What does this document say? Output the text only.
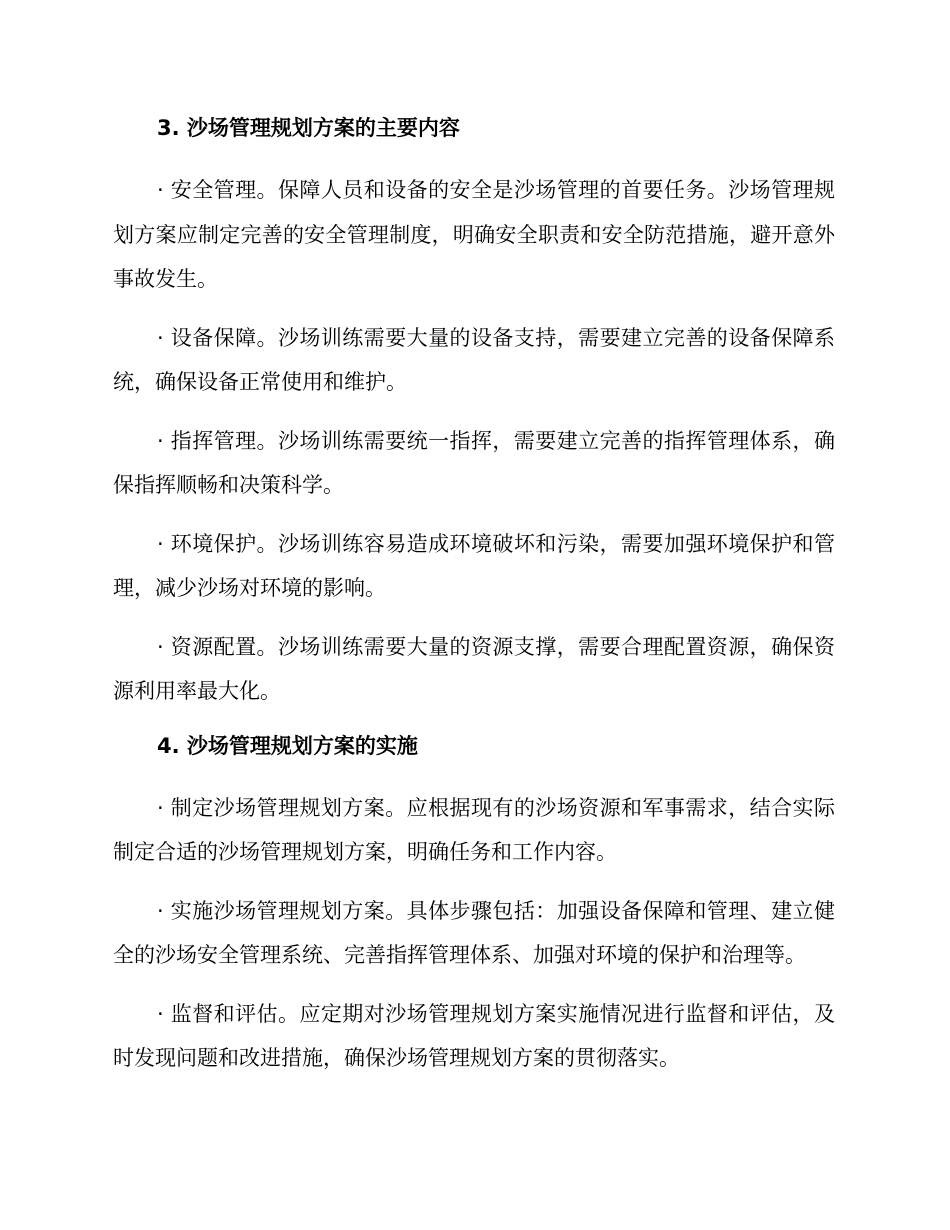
3. 沙场管理规划方案的主要内容

· 安全管理。保障人员和设备的安全是沙场管理的首要任务。沙场管理规划方案应制定完善的安全管理制度，明确安全职责和安全防范措施，避开意外事故发生。

· 设备保障。沙场训练需要大量的设备支持，需要建立完善的设备保障系统，确保设备正常使用和维护。

· 指挥管理。沙场训练需要统一指挥，需要建立完善的指挥管理体系，确保指挥顺畅和决策科学。

· 环境保护。沙场训练容易造成环境破坏和污染，需要加强环境保护和管理，减少沙场对环境的影响。

· 资源配置。沙场训练需要大量的资源支撑，需要合理配置资源，确保资源利用率最大化。

4. 沙场管理规划方案的实施

· 制定沙场管理规划方案。应根据现有的沙场资源和军事需求，结合实际制定合适的沙场管理规划方案，明确任务和工作内容。

· 实施沙场管理规划方案。具体步骤包括：加强设备保障和管理、建立健全的沙场安全管理系统、完善指挥管理体系、加强对环境的保护和治理等。

· 监督和评估。应定期对沙场管理规划方案实施情况进行监督和评估，及时发现问题和改进措施，确保沙场管理规划方案的贯彻落实。
